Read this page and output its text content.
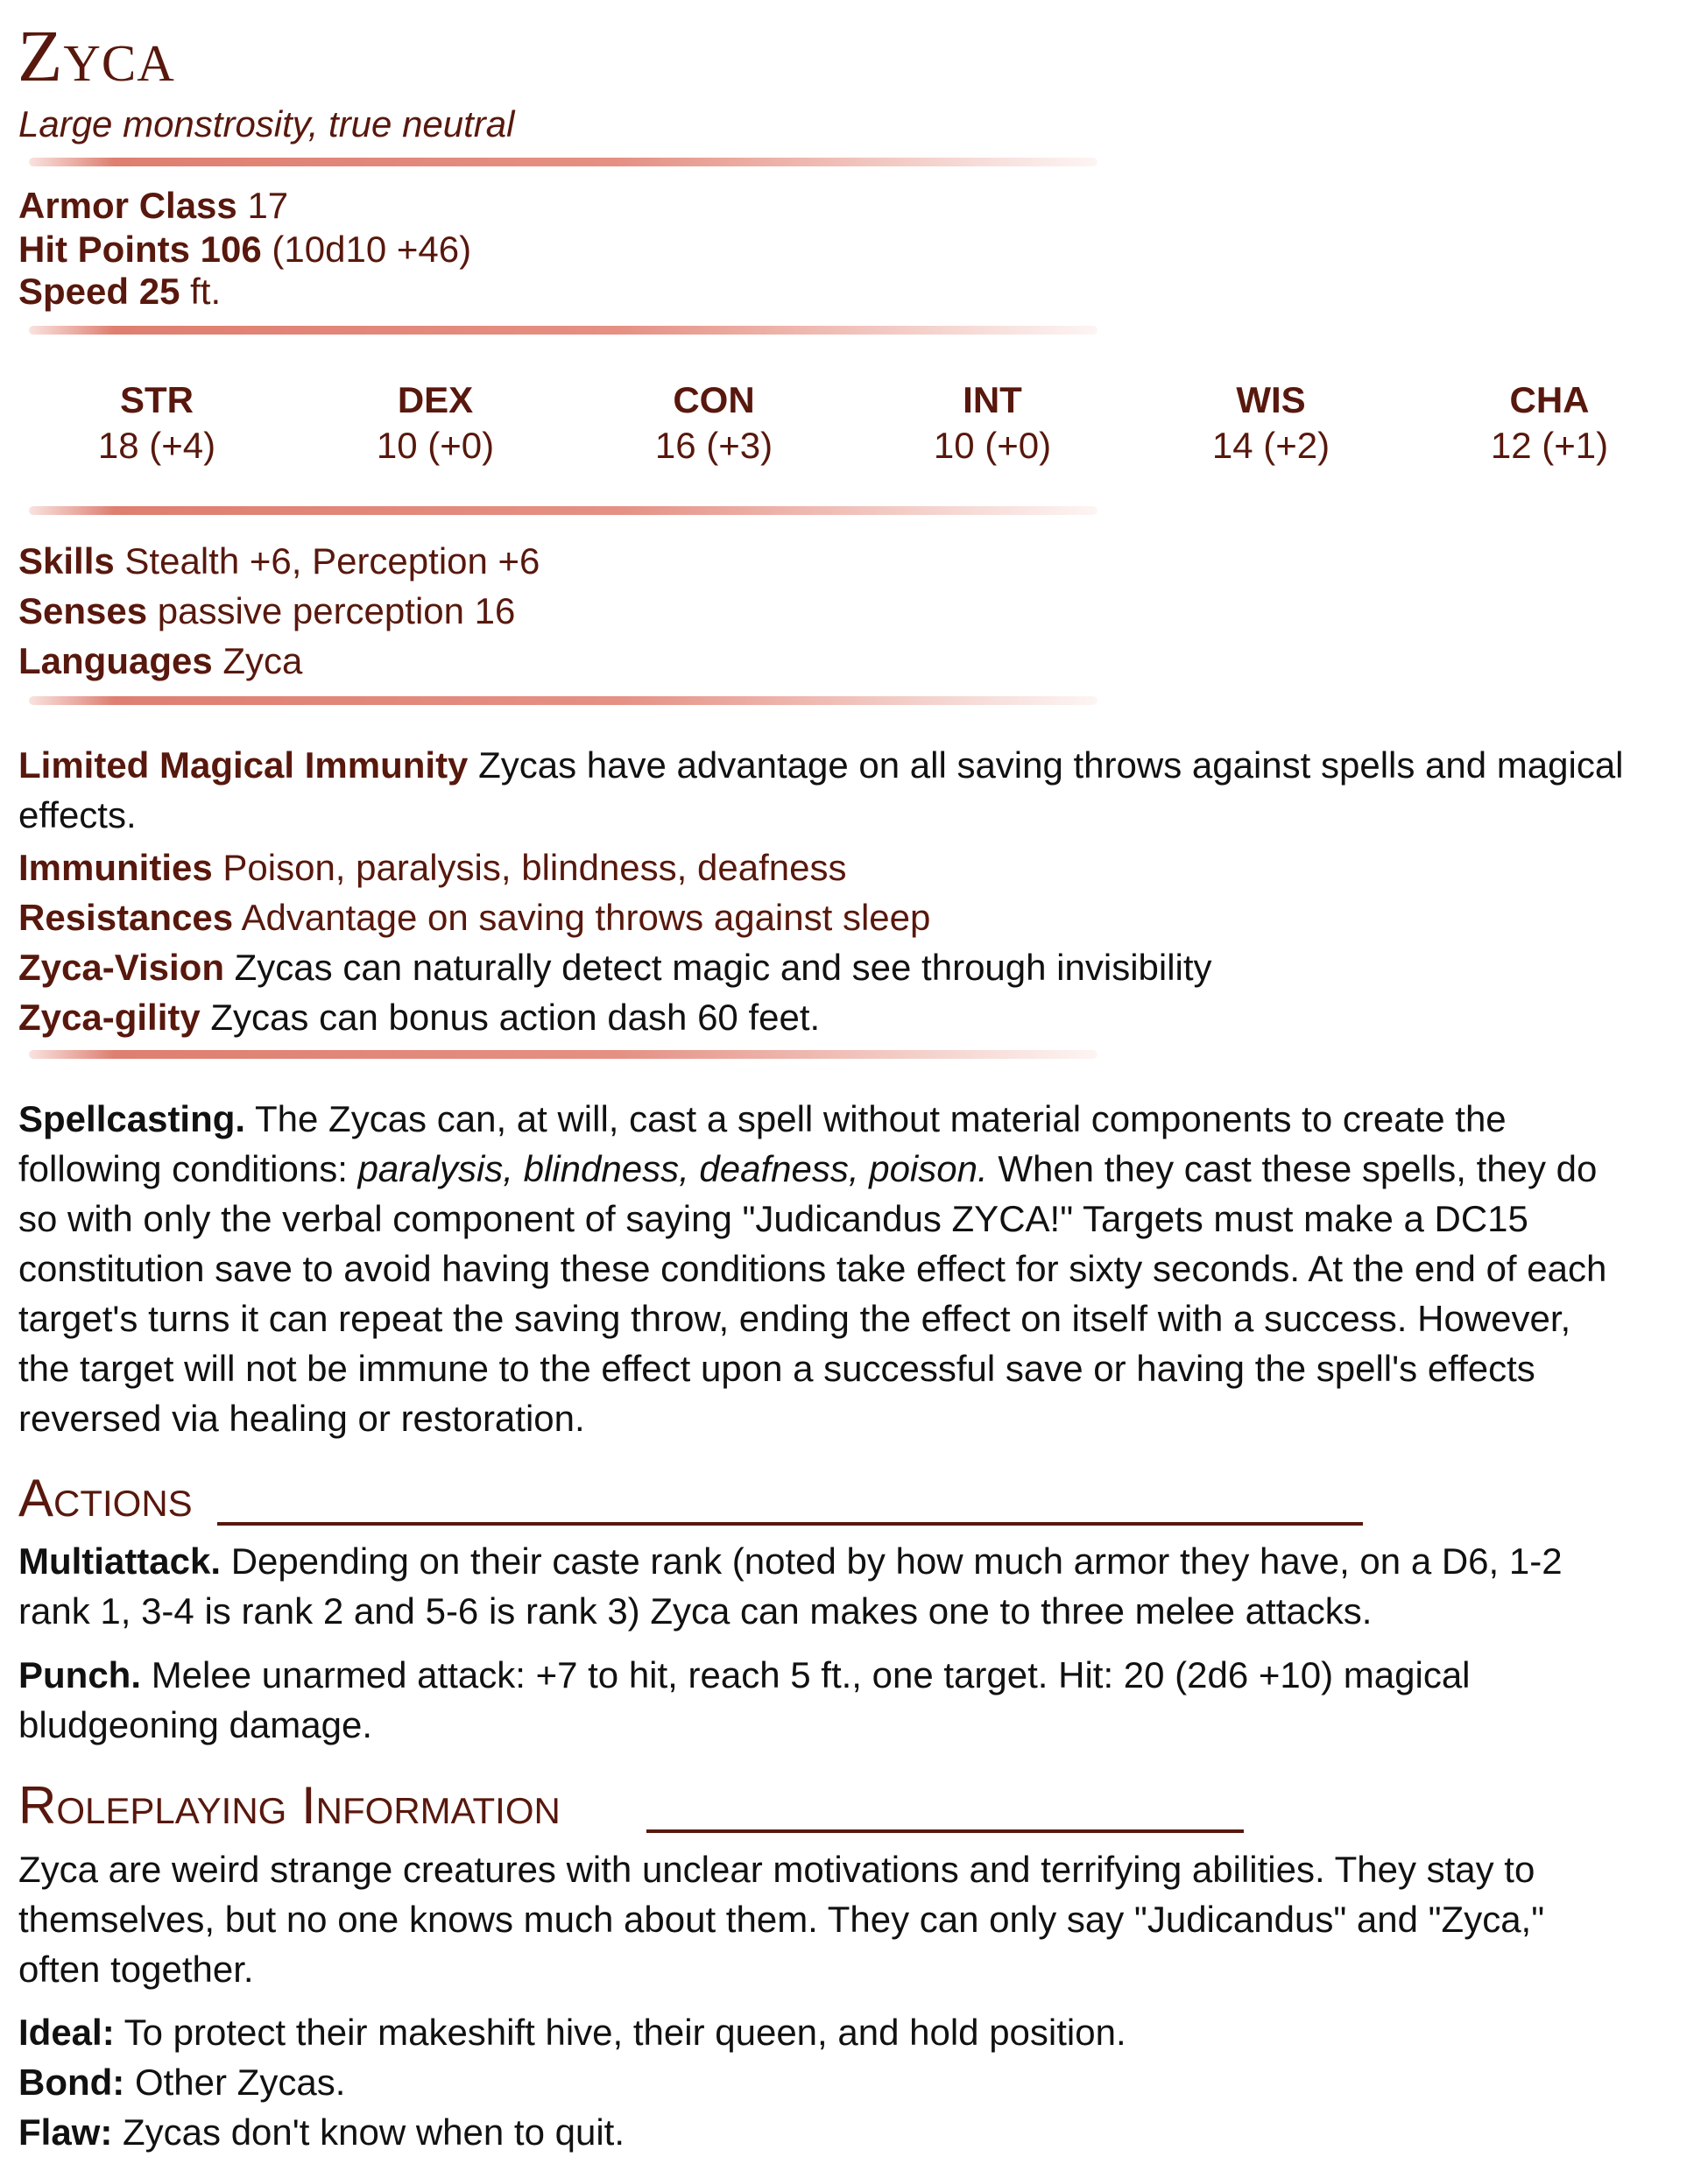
Zyca
Large monstrosity, true neutral
Armor Class 17
Hit Points 106 (10d10 +46)
Speed 25 ft.
STR
18 (+4)
DEX
10 (+0)
CON
16 (+3)
INT
10 (+0)
WIS
14 (+2)
CHA
12 (+1)
Skills Stealth +6, Perception +6
Senses passive perception 16
Languages Zyca
Limited Magical Immunity Zycas have advantage on all saving throws against spells and magical
effects.
Immunities Poison, paralysis, blindness, deafness
Resistances Advantage on saving throws against sleep
Zyca-Vision Zycas can naturally detect magic and see through invisibility
Zyca-gility Zycas can bonus action dash 60 feet.
Spellcasting. The Zycas can, at will, cast a spell without material components to create the
following conditions: paralysis, blindness, deafness, poison. When they cast these spells, they do
so with only the verbal component of saying "Judicandus ZYCA!" Targets must make a DC15
constitution save to avoid having these conditions take effect for sixty seconds. At the end of each
target's turns it can repeat the saving throw, ending the effect on itself with a success. However,
the target will not be immune to the effect upon a successful save or having the spell's effects
reversed via healing or restoration.
Actions
Multiattack. Depending on their caste rank (noted by how much armor they have, on a D6, 1-2
rank 1, 3-4 is rank 2 and 5-6 is rank 3) Zyca can makes one to three melee attacks.
Punch. Melee unarmed attack: +7 to hit, reach 5 ft., one target. Hit: 20 (2d6 +10) magical
bludgeoning damage.
Roleplaying Information
Zyca are weird strange creatures with unclear motivations and terrifying abilities. They stay to
themselves, but no one knows much about them. They can only say "Judicandus" and "Zyca,"
often together.
Ideal: To protect their makeshift hive, their queen, and hold position.
Bond: Other Zycas.
Flaw: Zycas don't know when to quit.
